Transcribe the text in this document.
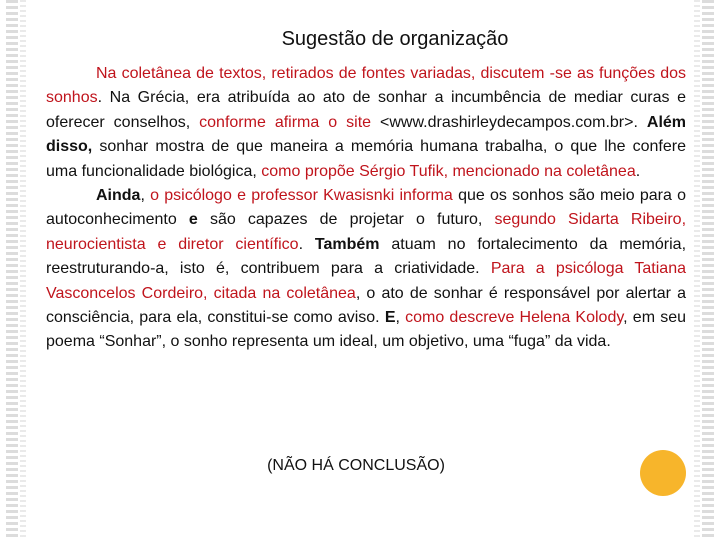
Sugestão de organização

Na coletânea de textos, retirados de fontes variadas, discutem -se as funções dos sonhos. Na Grécia, era atribuída ao ato de sonhar a incumbência de mediar curas e oferecer conselhos, conforme afirma o site <www.drashirleydecampos.com.br>. Além disso, sonhar mostra de que maneira a memória humana trabalha, o que lhe confere uma funcionalidade biológica, como propõe Sérgio Tufik, mencionado na coletânea.

Ainda, o psicólogo e professor Kwasisnki informa que os sonhos são meio para o autoconhecimento e são capazes de projetar o futuro, segundo Sidarta Ribeiro, neurocientista e diretor científico. Também atuam no fortalecimento da memória, reestruturando-a, isto é, contribuem para a criatividade. Para a psicóloga Tatiana Vasconcelos Cordeiro, citada na coletânea, o ato de sonhar é responsável por alertar a consciência, para ela, constitui-se como aviso. E, como descreve Helena Kolody, em seu poema “Sonhar”, o sonho representa um ideal, um objetivo, uma “fuga” da vida.

(NÃO HÁ CONCLUSÃO)
